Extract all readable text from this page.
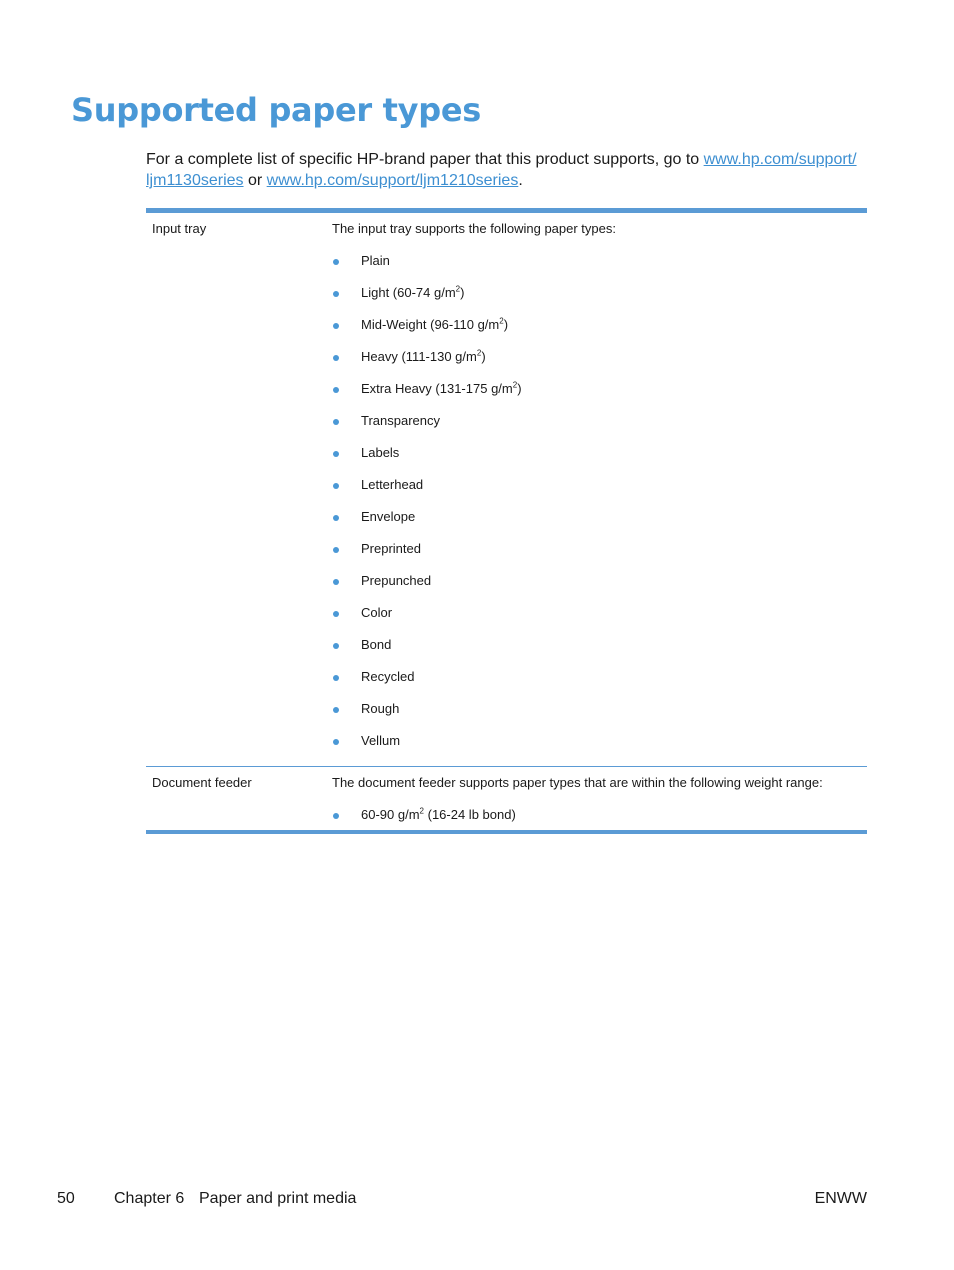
Supported paper types

For a complete list of specific HP-brand paper that this product supports, go to www.hp.com/support/
ljm1130series or www.hp.com/support/ljm1210series.

Input tray	The input tray supports the following paper types:
Plain
Light (60-74 $g/m^2$)
Mid-Weight (96-110 $g/m^2$)
Heavy (111-130 $g/m^2$)
Extra Heavy (131-175 $g/m^2$)
Transparency
Labels
Letterhead
Envelope
Preprinted
Prepunched
Color
Bond
Recycled
Rough
Vellum
Document feeder	The document feeder supports paper types that are within the following weight range:
60-90 $g/m^2$ (16-24 lb bond)
50 Chapter 6 Paper and print media	ENWW
